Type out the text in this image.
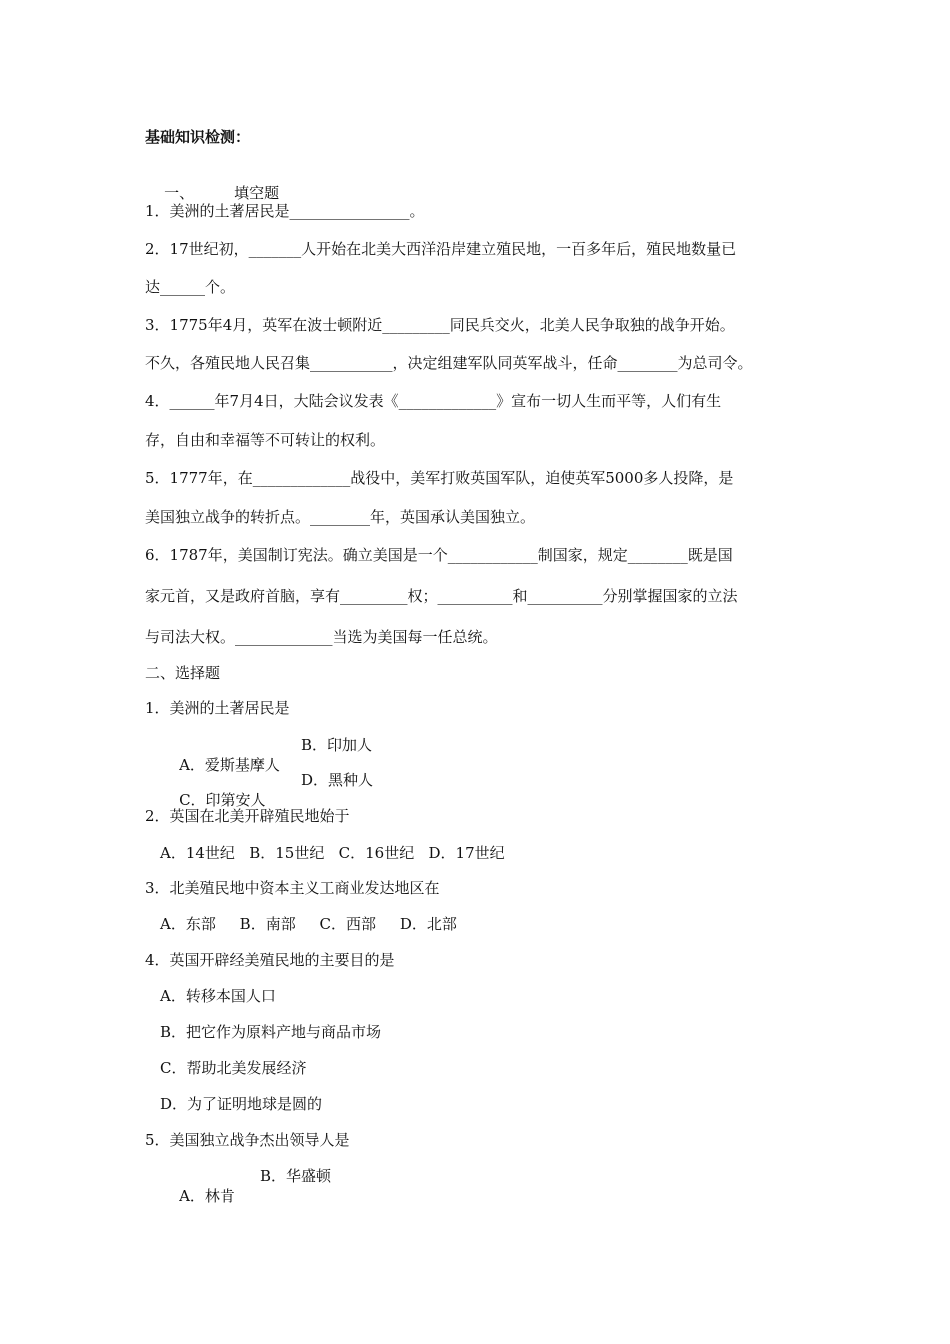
基础知识检测：

一、	填空题

1．美洲的土著居民是________________。
2．17世纪初，_______人开始在北美大西洋沿岸建立殖民地，一百多年后，殖民地数量已
达______个。
3．1775年4月，英军在波士顿附近_________同民兵交火，北美人民争取独的战争开始。
不久，各殖民地人民召集___________，决定组建军队同英军战斗，任命________为总司令。
4．______年7月4日，大陆会议发表《_____________》宣布一切人生而平等，人们有生
存，自由和幸福等不可转让的权利。
5．1777年，在_____________战役中，美军打败英国军队，迫使英军5000多人投降，是
美国独立战争的转折点。________年，英国承认美国独立。
6．1787年，美国制订宪法。确立美国是一个____________制国家，规定________既是国
家元首，又是政府首脑，享有_________权；__________和__________分别掌握国家的立法
与司法大权。_____________当选为美国每一任总统。
二、选择题
1．美洲的土著居民是

A．爱斯基摩人
B．印加人

C．印第安人
D．黑种人

2．英国在北美开辟殖民地始于
A．14世纪   B．15世纪   C．16世纪   D．17世纪
3．北美殖民地中资本主义工商业发达地区在
A．东部     B．南部     C．西部     D．北部
4．英国开辟经美殖民地的主要目的是
A．转移本国人口
B．把它作为原料产地与商品市场
C．帮助北美发展经济
D．为了证明地球是圆的
5．美国独立战争杰出领导人是

A．林肯
B．华盛顿
